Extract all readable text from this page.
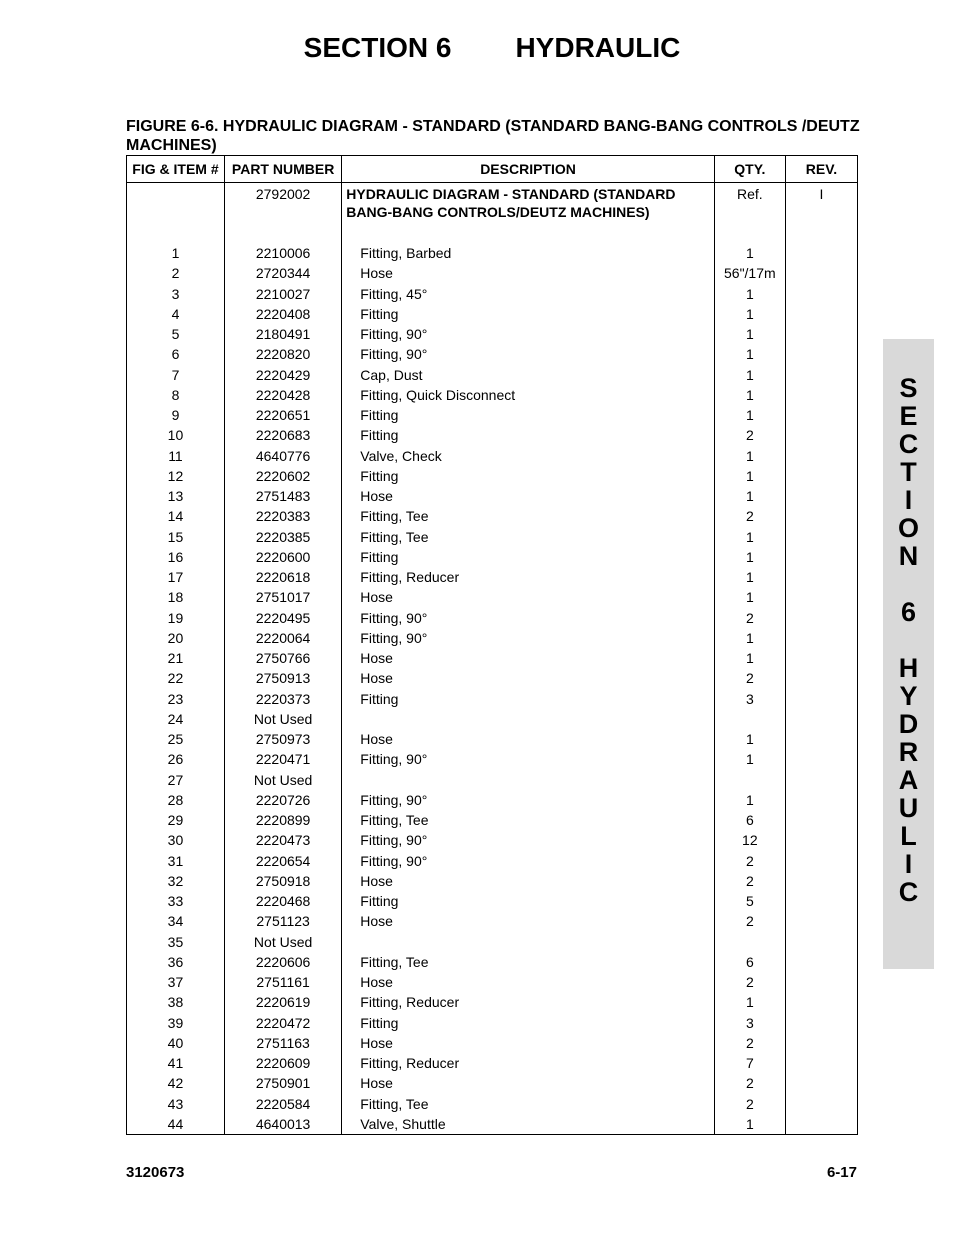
SECTION 6 HYDRAULIC
FIGURE 6-6. HYDRAULIC DIAGRAM - STANDARD (STANDARD BANG-BANG CONTROLS /DEUTZ MACHINES)
FIG & ITEM #	PART NUMBER	DESCRIPTION	QTY.	REV.
	2792002	HYDRAULIC DIAGRAM - STANDARD (STANDARD BANG-BANG CONTROLS/DEUTZ MACHINES)	Ref.	I
1	2210006	Fitting, Barbed	1	
2	2720344	Hose	56"/17m	
3	2210027	Fitting, 45°	1	
4	2220408	Fitting	1	
5	2180491	Fitting, 90°	1	
6	2220820	Fitting, 90°	1	
7	2220429	Cap, Dust	1	
8	2220428	Fitting, Quick Disconnect	1	
9	2220651	Fitting	1	
10	2220683	Fitting	2	
11	4640776	Valve, Check	1	
12	2220602	Fitting	1	
13	2751483	Hose	1	
14	2220383	Fitting, Tee	2	
15	2220385	Fitting, Tee	1	
16	2220600	Fitting	1	
17	2220618	Fitting, Reducer	1	
18	2751017	Hose	1	
19	2220495	Fitting, 90°	2	
20	2220064	Fitting, 90°	1	
21	2750766	Hose	1	
22	2750913	Hose	2	
23	2220373	Fitting	3	
24	Not Used			
25	2750973	Hose	1	
26	2220471	Fitting, 90°	1	
27	Not Used			
28	2220726	Fitting, 90°	1	
29	2220899	Fitting, Tee	6	
30	2220473	Fitting, 90°	12	
31	2220654	Fitting, 90°	2	
32	2750918	Hose	2	
33	2220468	Fitting	5	
34	2751123	Hose	2	
35	Not Used			
36	2220606	Fitting, Tee	6	
37	2751161	Hose	2	
38	2220619	Fitting, Reducer	1	
39	2220472	Fitting	3	
40	2751163	Hose	2	
41	2220609	Fitting, Reducer	7	
42	2750901	Hose	2	
43	2220584	Fitting, Tee	2	
44	4640013	Valve, Shuttle	1	
S
E
C
T
I
O
N
6
H
Y
D
R
A
U
L
I
C
3120673	6-17
